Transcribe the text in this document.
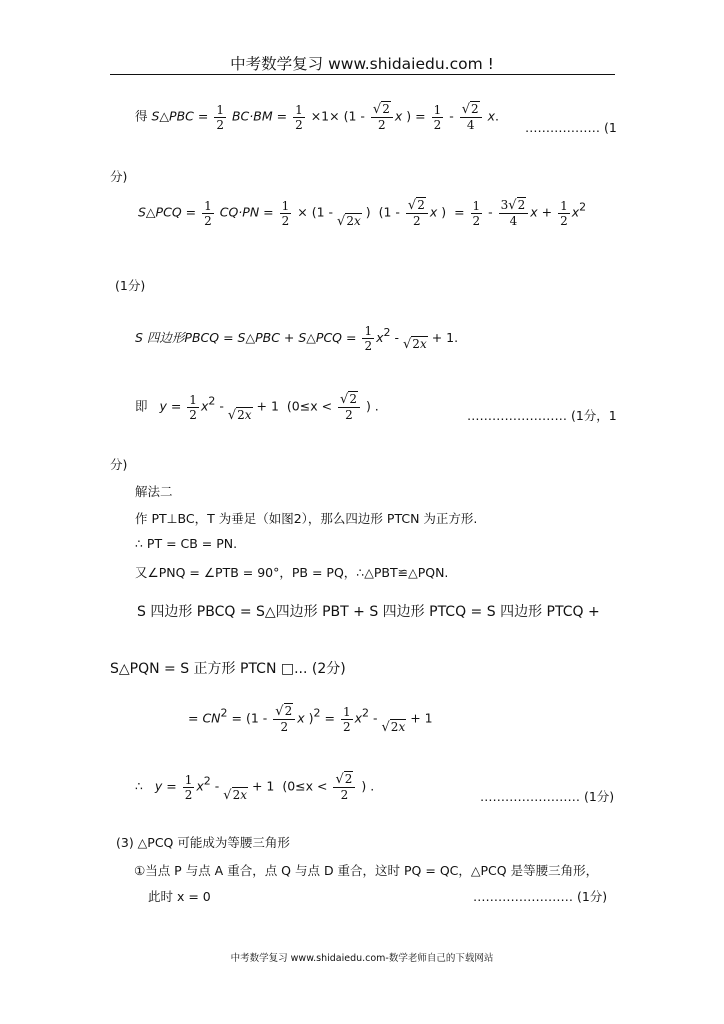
中考数学复习 www.shidaiedu.com !
得 S△PBC = $\frac{1}{2} BC\cdot BM = \frac{1}{2} \times 1\times (1 - \frac{√2}{2}$ x ) = $\frac{1}{2} - \frac{√2}{4} x$.
……………… (1
分)
S△PCQ = $\frac{1}{2} CQ\cdot PN = \frac{1}{2} \times (1 - √2x$ ) ($1 - \frac{√2}{2}$ x ) = $\frac{1}{2} - \frac{3√2}{4}$ $x + \frac{1}{2} x2$
(1分)
S 四边形PBCQ = S△PBC + S△PCQ = $\frac{1}{2} x2 - √2x + 1$.
即 $y = \frac{1}{2} x2 - √2x + 1$ ($0\le x < \frac{√2}{2}$ ) .
…………………… (1分，1
分)
解法二
作 PT⊥BC，T 为垂足（如图2），那么四边形 PTCN 为正方形.
∴ PT = CB = PN.
又∠PNQ = ∠PTB = 90°，PB = PQ，∴△PBT≌△PQN.
S 四边形 PBCQ = S△四边形 PBT + S 四边形 PTCQ = S 四边形 PTCQ +
S△PQN = S 正方形 PTCN □... (2分)
= $CN2 = (1 - \frac{√2}{2}$ x )$2 = \frac{1}{2} x2 - √2x + 1$
∴ $y = \frac{1}{2} x2 - √2x + 1$ ($0\le x < \frac{√2}{2}$ ) .
…………………… (1分)
(3) △PCQ 可能成为等腰三角形
①当点 P 与点 A 重合，点 Q 与点 D 重合，这时 PQ = QC，△PCQ 是等腰三角形，
此时 x = 0	…………………… (1分)
中考数学复习 www.shidaiedu.com-数学老师自己的下载网站
